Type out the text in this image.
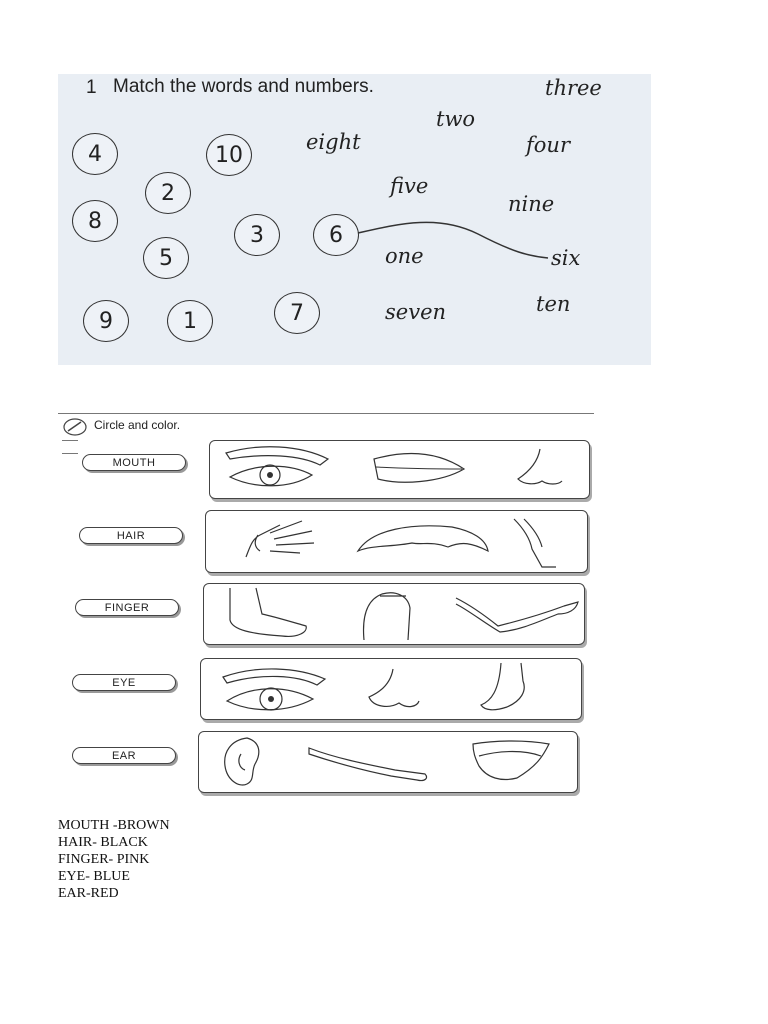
1 Match the words and numbers.
4	10
2
8
3	6
5
9	1	7
three
two
eight	four
five
nine
one	six
seven	ten
Circle and color.
MOUTH
HAIR
FINGER
EYE
EAR
MOUTH -BROWN
HAIR- BLACK
FINGER- PINK
EYE- BLUE
EAR-RED
